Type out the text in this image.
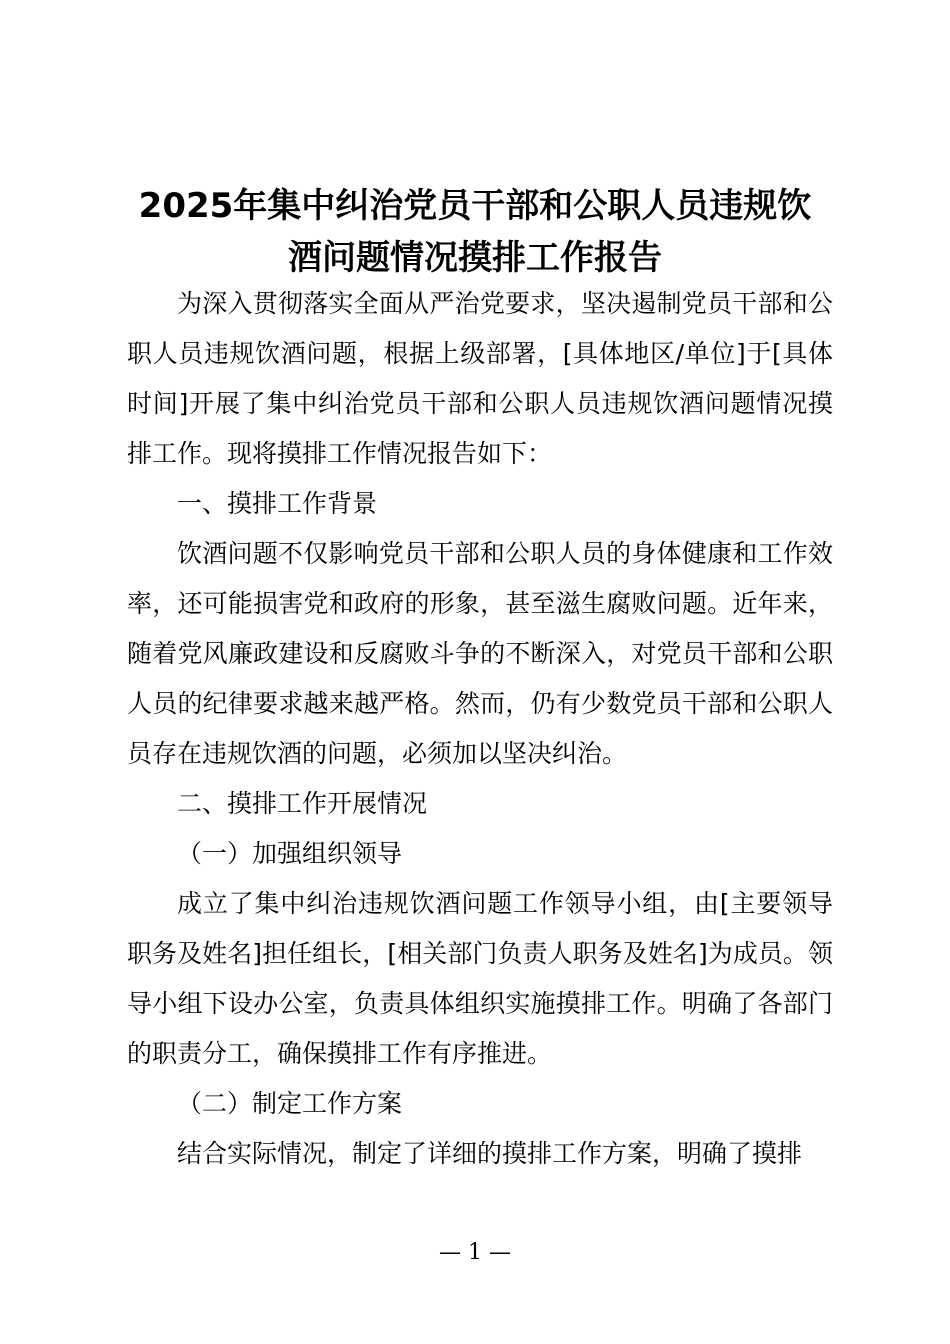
2025年集中纠治党员干部和公职人员违规饮
酒问题情况摸排工作报告

为深入贯彻落实全面从严治党要求，坚决遏制党员干部和公职人员违规饮酒问题，根据上级部署，[具体地区/单位]于[具体时间]开展了集中纠治党员干部和公职人员违规饮酒问题情况摸排工作。现将摸排工作情况报告如下：

一、摸排工作背景

饮酒问题不仅影响党员干部和公职人员的身体健康和工作效率，还可能损害党和政府的形象，甚至滋生腐败问题。近年来，随着党风廉政建设和反腐败斗争的不断深入，对党员干部和公职人员的纪律要求越来越严格。然而，仍有少数党员干部和公职人员存在违规饮酒的问题，必须加以坚决纠治。

二、摸排工作开展情况

（一）加强组织领导

成立了集中纠治违规饮酒问题工作领导小组，由[主要领导职务及姓名]担任组长，[相关部门负责人职务及姓名]为成员。领导小组下设办公室，负责具体组织实施摸排工作。明确了各部门的职责分工，确保摸排工作有序推进。

（二）制定工作方案

结合实际情况，制定了详细的摸排工作方案，明确了摸排

— 1 —
